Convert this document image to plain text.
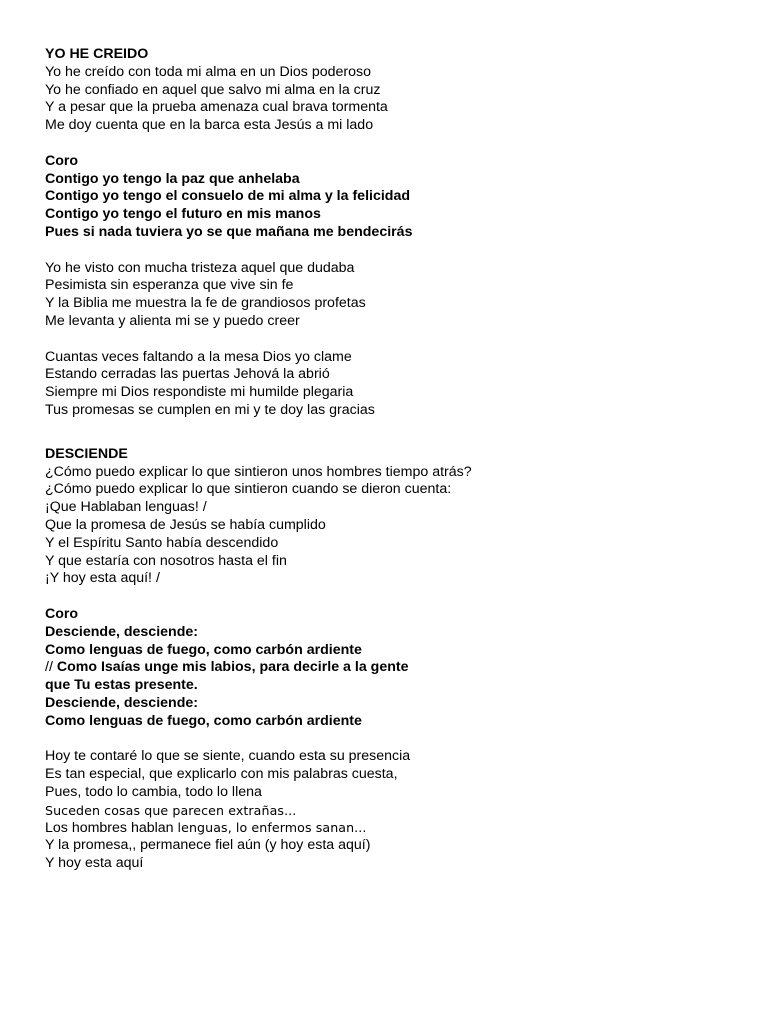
YO HE CREIDO
Yo he creído con toda mi alma en un Dios poderoso
Yo he confiado en aquel que salvo mi alma en la cruz
Y a pesar que la prueba amenaza cual brava tormenta
Me doy cuenta que en la barca esta Jesús a mi lado
Coro
Contigo yo tengo la paz que anhelaba
Contigo yo tengo el consuelo de mi alma y la felicidad
Contigo yo tengo el futuro en mis manos
Pues si nada tuviera yo se que mañana me bendecirás
Yo he visto con mucha tristeza aquel que dudaba
Pesimista sin esperanza que vive sin fe
Y la Biblia me muestra la fe de grandiosos profetas
Me levanta y alienta mi se y puedo creer
Cuantas veces faltando a la mesa Dios yo clame
Estando cerradas las puertas Jehová la abrió
Siempre mi Dios respondiste mi humilde plegaria
Tus promesas se cumplen en mi y te doy las gracias
DESCIENDE
¿Cómo puedo explicar lo que sintieron unos hombres tiempo atrás?
¿Cómo puedo explicar lo que sintieron cuando se dieron cuenta:
¡Que Hablaban lenguas! /
Que la promesa de Jesús se había cumplido
Y el Espíritu Santo había descendido
Y que estaría con nosotros hasta el fin
¡Y hoy esta aquí! /
Coro
Desciende, desciende:
Como lenguas de fuego, como carbón ardiente
// Como Isaías unge mis labios, para decirle a la gente
que Tu estas presente.
Desciende, desciende:
Como lenguas de fuego, como carbón ardiente
Hoy te contaré lo que se siente, cuando esta su presencia
Es tan especial, que explicarlo con mis palabras cuesta,
Pues, todo lo cambia, todo lo llena
Suceden cosas que parecen extrañas...
Los hombres hablan lenguas, lo enfermos sanan...
Y la promesa,, permanece fiel aún (y hoy esta aquí)
Y hoy esta aquí
